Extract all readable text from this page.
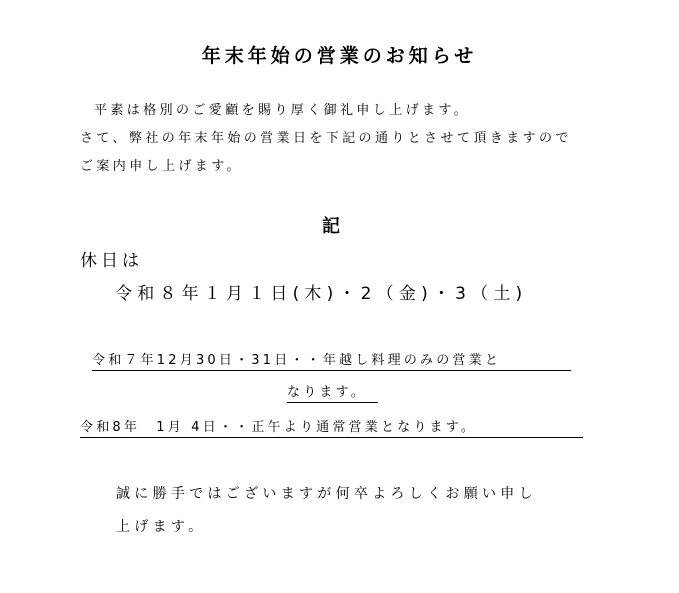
年末年始の営業のお知らせ
平素は格別のご愛顧を賜り厚く御礼申し上げます。
さて、弊社の年末年始の営業日を下記の通りとさせて頂きますので
ご案内申し上げます。
記
休日は
令和８年１月１日(木)・2（金)・3（土)
令和７年12月30日・31日・・年越し料理のみの営業と
なります。
令和8年　1月 4日・・正午より通常営業となります。
誠に勝手ではございますが何卒よろしくお願い申し
上げます。
